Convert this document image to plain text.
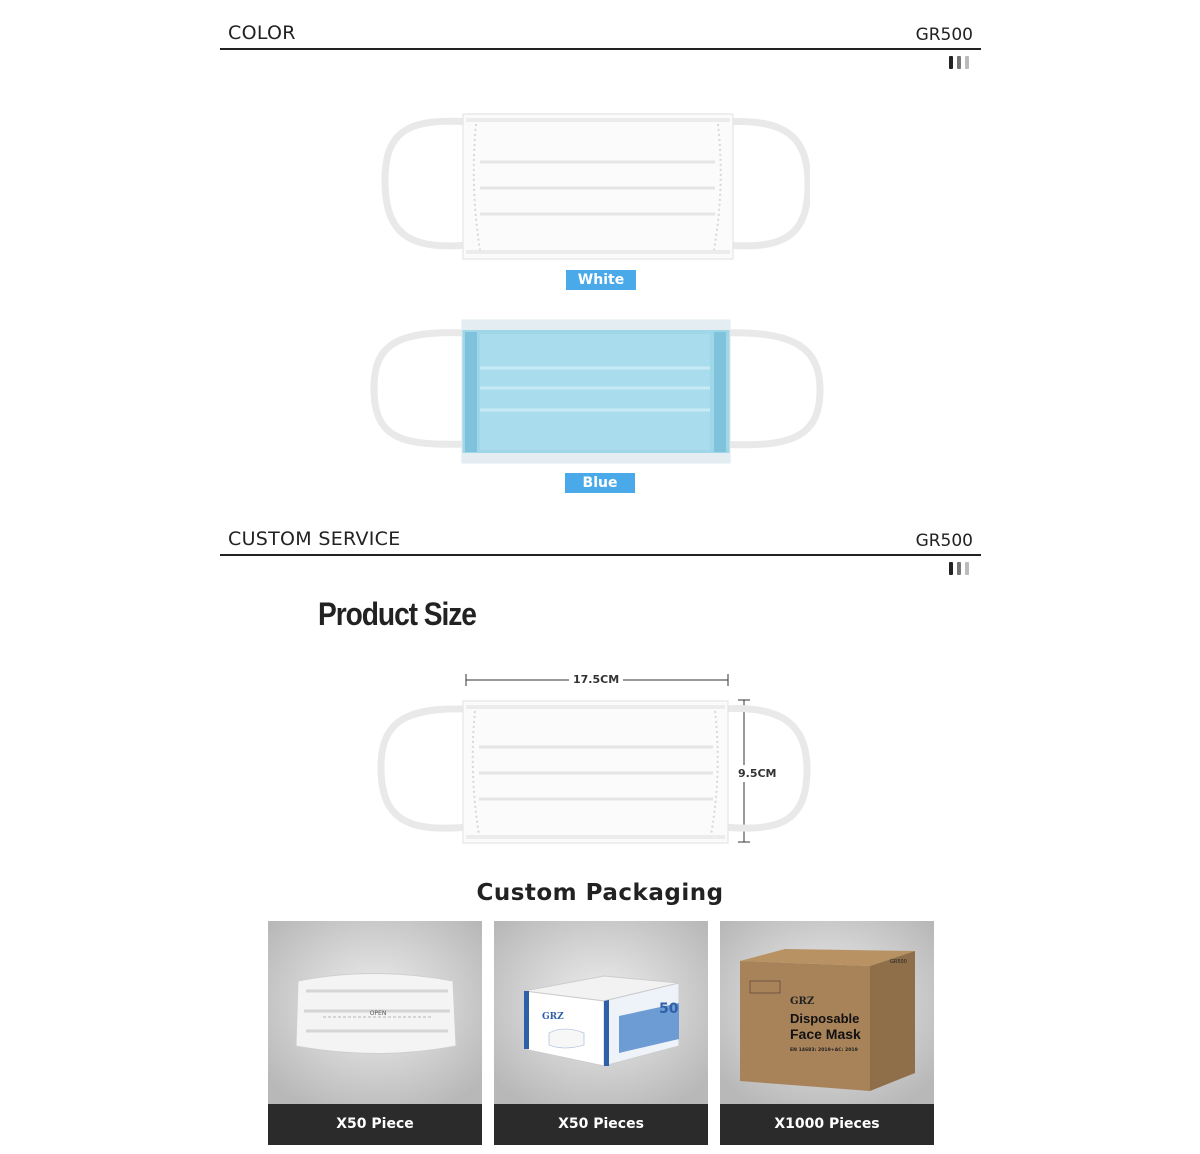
COLOR	GR500
White
Blue
CUSTOM SERVICE	GR500
Product Size
17.5CM
9.5CM
Custom Packaging
OPEN
X50 Piece
50
GRZ
X50 Pieces
GR500
GRZ
Disposable
Face Mask
EN 14683: 2019+AC: 2019
X1000 Pieces
